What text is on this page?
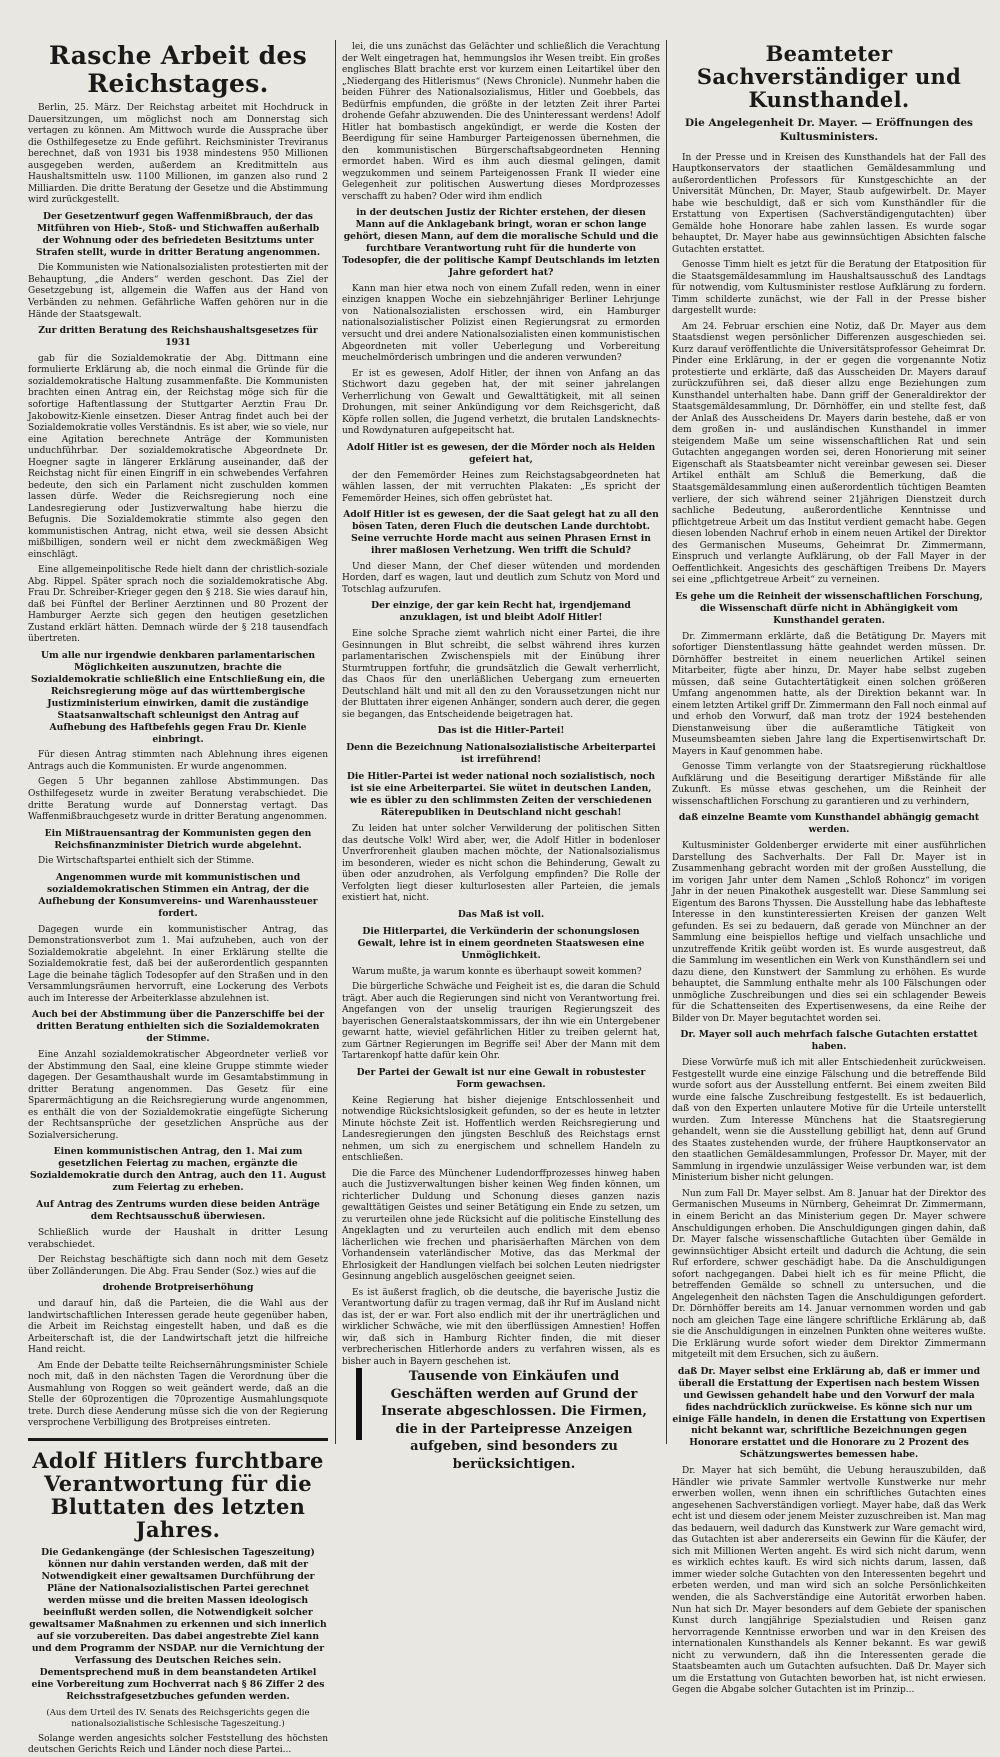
Rasche Arbeit des Reichstages.

Berlin, 25. März. Der Reichstag arbeitet mit Hochdruck in Dauersitzungen, um möglichst noch am Donnerstag sich vertagen zu können. Am Mittwoch wurde die Aussprache über die Osthilfegesetze zu Ende geführt. Reichsminister Treviranus berechnet, daß von 1931 bis 1938 mindestens 950 Millionen ausgegeben werden, außerdem an Kreditmitteln aus Haushaltsmitteln usw. 1100 Millionen, im ganzen also rund 2 Milliarden. Die dritte Beratung der Gesetze und die Abstimmung wird zurückgestellt.

Der Gesetzentwurf gegen Waffenmißbrauch, der das Mitführen von Hieb-, Stoß- und Stichwaffen außerhalb der Wohnung oder des befriedeten Besitztums unter Strafen stellt, wurde in dritter Beratung angenommen.

Die Kommunisten wie Nationalsozialisten protestierten mit der Behauptung, „die Anders“ werden geschont. Das Ziel der Gesetzgebung ist, allgemein die Waffen aus der Hand von Verbänden zu nehmen. Gefährliche Waffen gehören nur in die Hände der Staatsgewalt.

Zur dritten Beratung des Reichshaushaltsgesetzes für 1931

gab für die Sozialdemokratie der Abg. Dittmann eine formulierte Erklärung ab, die noch einmal die Gründe für die sozialdemokratische Haltung zusammenfaßte. Die Kommunisten brachten einen Antrag ein, der Reichstag möge sich für die sofortige Haftentlassung der Stuttgarter Aerztin Frau Dr. Jakobowitz-Kienle einsetzen. Dieser Antrag findet auch bei der Sozialdemokratie volles Verständnis. Es ist aber, wie so viele, nur eine Agitation berechnete Anträge der Kommunisten unduchführbar. Der sozialdemokratische Abgeordnete Dr. Hoegner sagte in längerer Erklärung auseinander, daß der Reichstag nicht für einen Eingriff in ein schwebendes Verfahren bedeute, den sich ein Parlament nicht zuschulden kommen lassen dürfe. Weder die Reichsregierung noch eine Landesregierung oder Justizverwaltung habe hierzu die Befugnis. Die Sozialdemokratie stimmte also gegen den kommunistischen Antrag, nicht etwa, weil sie dessen Absicht mißbilligen, sondern weil er nicht dem zweckmäßigen Weg einschlägt.

Eine allgemeinpolitische Rede hielt dann der christlich-soziale Abg. Rippel. Später sprach noch die sozialdemokratische Abg. Frau Dr. Schreiber-Krieger gegen den § 218. Sie wies darauf hin, daß bei Fünftel der Berliner Aerztinnen und 80 Prozent der Hamburger Aerzte sich gegen den heutigen gesetzlichen Zustand erklärt hätten. Demnach würde der § 218 tausendfach übertreten.

Um alle nur irgendwie denkbaren parlamentarischen Möglichkeiten auszunutzen, brachte die Sozialdemokratie schließlich eine Entschließung ein, die Reichsregierung möge auf das württembergische Justizministerium einwirken, damit die zuständige Staatsanwaltschaft schleunigst den Antrag auf Aufhebung des Haftbefehls gegen Frau Dr. Kienle einbringt.

Für diesen Antrag stimmten nach Ablehnung ihres eigenen Antrags auch die Kommunisten. Er wurde angenommen.

Gegen 5 Uhr begannen zahllose Abstimmungen. Das Osthilfegesetz wurde in zweiter Beratung verabschiedet. Die dritte Beratung wurde auf Donnerstag vertagt. Das Waffenmißbrauchgesetz wurde in dritter Beratung angenommen.

Ein Mißtrauensantrag der Kommunisten gegen den Reichsfinanzminister Dietrich wurde abgelehnt.

Die Wirtschaftspartei enthielt sich der Stimme.

Angenommen wurde mit kommunistischen und sozialdemokratischen Stimmen ein Antrag, der die Aufhebung der Konsumvereins- und Warenhaussteuer fordert.

Dagegen wurde ein kommunistischer Antrag, das Demonstrationsverbot zum 1. Mai aufzuheben, auch von der Sozialdemokratie abgelehnt. In einer Erklärung stellte die Sozialdemokratie fest, daß bei der außerordentlich gespannten Lage die beinahe täglich Todesopfer auf den Straßen und in den Versammlungsräumen hervorruft, eine Lockerung des Verbots auch im Interesse der Arbeiterklasse abzulehnen ist.

Auch bei der Abstimmung über die Panzerschiffe bei der dritten Beratung enthielten sich die Sozialdemokraten der Stimme.

Eine Anzahl sozialdemokratischer Abgeordneter verließ vor der Abstimmung den Saal, eine kleine Gruppe stimmte wieder dagegen. Der Gesamthaushalt wurde im Gesamtabstimmung in dritter Beratung angenommen. Das Gesetz für eine Sparermächtigung an die Reichsregierung wurde angenommen, es enthält die von der Sozialdemokratie eingefügte Sicherung der Rechtsansprüche der gesetzlichen Ansprüche aus der Sozialversicherung.

Einen kommunistischen Antrag, den 1. Mai zum gesetzlichen Feiertag zu machen, ergänzte die Sozialdemokratie durch den Antrag, auch den 11. August zum Feiertag zu erheben.

Auf Antrag des Zentrums wurden diese beiden Anträge dem Rechtsausschuß überwiesen.

Schließlich wurde der Haushalt in dritter Lesung verabschiedet.

Der Reichstag beschäftigte sich dann noch mit dem Gesetz über Zolländerungen. Die Abg. Frau Sender (Soz.) wies auf die

drohende Brotpreiserhöhung

und darauf hin, daß die Parteien, die die Wahl aus der landwirtschaftlichen Interessen gerade heute gegenüber haben, die Arbeit im Reichstag eingestellt haben, und daß es die Arbeiterschaft ist, die der Landwirtschaft jetzt die hilfreiche Hand reicht.

Am Ende der Debatte teilte Reichsernährungsminister Schiele noch mit, daß in den nächsten Tagen die Verordnung über die Ausmahlung von Roggen so weit geändert werde, daß an die Stelle der 60prozentigen die 70prozentige Ausmahlungsquote trete. Durch diese Aenderung müsse sich die von der Regierung versprochene Verbilligung des Brotpreises eintreten.

Adolf Hitlers furchtbare Verantwortung für die Bluttaten des letzten Jahres.

Die Gedankengänge (der Schlesischen Tageszeitung) können nur dahin verstanden werden, daß mit der Notwendigkeit einer gewaltsamen Durchführung der Pläne der Nationalsozialistischen Partei gerechnet werden müsse und die breiten Massen ideologisch beeinflußt werden sollen, die Notwendigkeit solcher gewaltsamer Maßnahmen zu erkennen und sich innerlich auf sie vorzubereiten. Das dabei angestrebte Ziel kann und dem Programm der NSDAP. nur die Vernichtung der Verfassung des Deutschen Reiches sein. Dementsprechend muß in dem beanstandeten Artikel eine Vorbereitung zum Hochverrat nach § 86 Ziffer 2 des Reichsstrafgesetzbuches gefunden werden.

(Aus dem Urteil des IV. Senats des Reichsgerichts gegen die nationalsozialistische Schlesische Tageszeitung.)

Solange werden angesichts solcher Feststellung des höchsten deutschen Gerichts Reich und Länder noch diese Partei...

lei, die uns zunächst das Gelächter und schließlich die Verachtung der Welt eingetragen hat, hemmungslos ihr Wesen treibt. Ein großes englisches Blatt brachte erst vor kurzem einen Leitartikel über den „Niedergang des Hitlerismus“ (News Chronicle). Nunmehr haben die beiden Führer des Nationalsozialismus, Hitler und Goebbels, das Bedürfnis empfunden, die größte in der letzten Zeit ihrer Partei drohende Gefahr abzuwenden. Die des Uninteressant werdens! Adolf Hitler hat bombastisch angekündigt, er werde die Kosten der Beerdigung für seine Hamburger Parteigenossen übernehmen, die den kommunistischen Bürgerschaftsabgeordneten Henning ermordet haben. Wird es ihm auch diesmal gelingen, damit wegzukommen und seinem Parteigenossen Frank II wieder eine Gelegenheit zur politischen Auswertung dieses Mordprozesses verschafft zu haben? Oder wird ihm endlich

in der deutschen Justiz der Richter erstehen, der diesen Mann auf die Anklagebank bringt, woran er schon lange gehört, diesen Mann, auf dem die moralische Schuld und die furchtbare Verantwortung ruht für die hunderte von Todesopfer, die der politische Kampf Deutschlands im letzten Jahre gefordert hat?

Kann man hier etwa noch von einem Zufall reden, wenn in einer einzigen knappen Woche ein siebzehnjähriger Berliner Lehrjunge von Nationalsozialisten erschossen wird, ein Hamburger nationalsozialistischer Polizist einen Regierungsrat zu ermorden versucht und drei andere Nationalsozialisten einen kommunistischen Abgeordneten mit voller Ueberlegung und Vorbereitung meuchelmörderisch umbringen und die anderen verwunden?

Er ist es gewesen, Adolf Hitler, der ihnen von Anfang an das Stichwort dazu gegeben hat, der mit seiner jahrelangen Verherrlichung von Gewalt und Gewalttätigkeit, mit all seinen Drohungen, mit seiner Ankündigung vor dem Reichsgericht, daß Köpfe rollen sollen, die Jugend verhetzt, die brutalen Landsknechts- und Rowdynaturen aufgepeitscht hat.

Adolf Hitler ist es gewesen, der die Mörder noch als Helden gefeiert hat,

der den Fememörder Heines zum Reichstagsabgeordneten hat wählen lassen, der mit verruchten Plakaten: „Es spricht der Fememörder Heines, sich offen gebrüstet hat.

Adolf Hitler ist es gewesen, der die Saat gelegt hat zu all den bösen Taten, deren Fluch die deutschen Lande durchtobt. Seine verruchte Horde macht aus seinen Phrasen Ernst in ihrer maßlosen Verhetzung. Wen trifft die Schuld?

Und dieser Mann, der Chef dieser wütenden und mordenden Horden, darf es wagen, laut und deutlich zum Schutz von Mord und Totschlag aufzurufen.

Der einzige, der gar kein Recht hat, irgendjemand anzuklagen, ist und bleibt Adolf Hitler!

Eine solche Sprache ziemt wahrlich nicht einer Partei, die ihre Gesinnungen in Blut schreibt, die selbst während ihres kurzen parlamentarischen Zwischenspiels mit der Einübung ihrer Sturmtruppen fortfuhr, die grundsätzlich die Gewalt verherrlicht, das Chaos für den unerläßlichen Uebergang zum erneuerten Deutschland hält und mit all den zu den Voraussetzungen nicht nur der Bluttaten ihrer eigenen Anhänger, sondern auch derer, die gegen sie begangen, das Entscheidende beigetragen hat.

Das ist die Hitler-Partei!

Denn die Bezeichnung Nationalsozialistische Arbeiterpartei ist irreführend!

Die Hitler-Partei ist weder national noch sozialistisch, noch ist sie eine Arbeiterpartei. Sie wütet in deutschen Landen, wie es übler zu den schlimmsten Zeiten der verschiedenen Räterepubliken in Deutschland nicht geschah!

Zu leiden hat unter solcher Verwilderung der politischen Sitten das deutsche Volk! Wird aber, wer, die Adolf Hitler in bodenloser Unverfrorenheit glauben machen möchte, der Nationalsozialismus im besonderen, wieder es nicht schon die Behinderung, Gewalt zu üben oder anzudrohen, als Verfolgung empfinden? Die Rolle der Verfolgten liegt dieser kulturlosesten aller Parteien, die jemals existiert hat, nicht.

Das Maß ist voll.

Die Hitlerpartei, die Verkünderin der schonungslosen Gewalt, lehre ist in einem geordneten Staatswesen eine Unmöglichkeit.

Warum mußte, ja warum konnte es überhaupt soweit kommen?

Die bürgerliche Schwäche und Feigheit ist es, die daran die Schuld trägt. Aber auch die Regierungen sind nicht von Verantwortung frei. Angefangen von der unselig traurigen Regierungszeit des bayerischen Generalstaatskommissars, der ihn wie ein Untergebener gewarnt hatte, wieviel gefährlichen Hitler zu treiben gelernt hat, zum Gärtner Regierungen im Begriffe sei! Aber der Mann mit dem Tartarenkopf hatte dafür kein Ohr.

Der Partei der Gewalt ist nur eine Gewalt in robustester Form gewachsen.

Keine Regierung hat bisher diejenige Entschlossenheit und notwendige Rücksichtslosigkeit gefunden, so der es heute in letzter Minute höchste Zeit ist. Hoffentlich werden Reichsregierung und Landesregierungen den jüngsten Beschluß des Reichstags ernst nehmen, um sich zu energischem und schnellem Handeln zu entschließen.

Die die Farce des Münchener Ludendorffprozesses hinweg haben auch die Justizverwaltungen bisher keinen Weg finden können, um richterlicher Duldung und Schonung dieses ganzen nazis gewalttätigen Geistes und seiner Betätigung ein Ende zu setzen, um zu verurteilen ohne jede Rücksicht auf die politische Einstellung des Angeklagten und zu verurteilen auch endlich mit dem ebenso lächerlichen wie frechen und pharisäerhaften Märchen von dem Vorhandensein vaterländischer Motive, das das Merkmal der Ehrlosigkeit der Handlungen vielfach bei solchen Leuten niedrigster Gesinnung angeblich ausgelöschen geeignet seien.

Es ist äußerst fraglich, ob die deutsche, die bayerische Justiz die Verantwortung dafür zu tragen vermag, daß ihr Ruf im Ausland nicht das ist, der er war. Fort also endlich mit der ihr unerträglichen und wirklicher Schwäche, wie mit den überflüssigen Amnestien! Hoffen wir, daß sich in Hamburg Richter finden, die mit dieser verbrecherischen Hitlerhorde anders zu verfahren wissen, als es bisher auch in Bayern geschehen ist.

Tausende von Einkäufen und Geschäften werden auf Grund der Inserate abgeschlossen. Die Firmen, die in der Parteipresse Anzeigen aufgeben, sind besonders zu berücksichtigen.
Beamteter Sachverständiger und Kunsthandel.
Die Angelegenheit Dr. Mayer. — Eröffnungen des Kultusministers.

In der Presse und in Kreisen des Kunsthandels hat der Fall des Hauptkonservators der staatlichen Gemäldesammlung und außerordentlichen Professors für Kunstgeschichte an der Universität München, Dr. Mayer, Staub aufgewirbelt. Dr. Mayer habe wie beschuldigt, daß er sich vom Kunsthändler für die Erstattung von Expertisen (Sachverständigengutachten) über Gemälde hohe Honorare habe zahlen lassen. Es wurde sogar behauptet, Dr. Mayer habe aus gewinnsüchtigen Absichten falsche Gutachten erstattet.

Genosse Timm hielt es jetzt für die Beratung der Etatposition für die Staatsgemäldesammlung im Haushaltsausschuß des Landtags für notwendig, vom Kultusminister restlose Aufklärung zu fordern. Timm schilderte zunächst, wie der Fall in der Presse bisher dargestellt wurde:

Am 24. Februar erschien eine Notiz, daß Dr. Mayer aus dem Staatsdienst wegen persönlicher Differenzen ausgeschieden sei. Kurz darauf veröffentlichte die Universitätsprofessor Geheimrat Dr. Pinder eine Erklärung, in der er gegen die vorgenannte Notiz protestierte und erklärte, daß das Ausscheiden Dr. Mayers darauf zurückzuführen sei, daß dieser allzu enge Beziehungen zum Kunsthandel unterhalten habe. Dann griff der Generaldirektor der Staatsgemäldesammlung, Dr. Dörnhöffer, ein und stellte fest, daß der Anlaß des Ausscheidens Dr. Mayers darin bestehe, daß er von dem großen in- und ausländischen Kunsthandel in immer steigendem Maße um seine wissenschaftlichen Rat und sein Gutachten angegangen worden sei, deren Honorierung mit seiner Eigenschaft als Staatsbeamter nicht vereinbar gewesen sei. Dieser Artikel enthält am Schluß die Bemerkung, daß die Staatsgemäldesammlung einen außerordentlich tüchtigen Beamten verliere, der sich während seiner 21jährigen Dienstzeit durch sachliche Bedeutung, außerordentliche Kenntnisse und pflichtgetreue Arbeit um das Institut verdient gemacht habe. Gegen diesen lobenden Nachruf erhob in einem neuen Artikel der Direktor des Germanischen Museums, Geheimrat Dr. Zimmermann, Einspruch und verlangte Aufklärung, ob der Fall Mayer in der Oeffentlichkeit. Angesichts des geschäftigen Treibens Dr. Mayers sei eine „pflichtgetreue Arbeit“ zu verneinen.

Es gehe um die Reinheit der wissenschaftlichen Forschung, die Wissenschaft dürfe nicht in Abhängigkeit vom Kunsthandel geraten.

Dr. Zimmermann erklärte, daß die Betätigung Dr. Mayers mit sofortiger Dienstentlassung hätte geahndet werden müssen. Dr. Dörnhöffer bestreitet in einem neuerlichen Artikel seinen Mitarbeiter, fügte aber hinzu, Dr. Mayer habe selbst zugeben müssen, daß seine Gutachtertätigkeit einen solchen größeren Umfang angenommen hatte, als der Direktion bekannt war. In einem letzten Artikel griff Dr. Zimmermann den Fall noch einmal auf und erhob den Vorwurf, daß man trotz der 1924 bestehenden Dienstanweisung über die außeramtliche Tätigkeit von Museumsbeamten sieben Jahre lang die Expertisenwirtschaft Dr. Mayers in Kauf genommen habe.

Genosse Timm verlangte von der Staatsregierung rückhaltlose Aufklärung und die Beseitigung derartiger Mißstände für alle Zukunft. Es müsse etwas geschehen, um die Reinheit der wissenschaftlichen Forschung zu garantieren und zu verhindern,

daß einzelne Beamte vom Kunsthandel abhängig gemacht werden.

Kultusminister Goldenberger erwiderte mit einer ausführlichen Darstellung des Sachverhalts. Der Fall Dr. Mayer ist in Zusammenhang gebracht worden mit der großen Ausstellung, die im vorigen Jahr unter dem Namen „Schloß Rohoncz“ im vorigen Jahr in der neuen Pinakothek ausgestellt war. Diese Sammlung sei Eigentum des Barons Thyssen. Die Ausstellung habe das lebhafteste Interesse in den kunstinteressierten Kreisen der ganzen Welt gefunden. Es sei zu bedauern, daß gerade von Münchner an der Sammlung eine beispiellos heftige und vielfach unsachliche und unzutreffende Kritik geübt worden ist. Es wurde ausgestreut, daß die Sammlung im wesentlichen ein Werk von Kunsthändlern sei und dazu diene, den Kunstwert der Sammlung zu erhöhen. Es wurde behauptet, die Sammlung enthalte mehr als 100 Fälschungen oder unmögliche Zuschreibungen und dies sei ein schlagender Beweis für die Schattenseiten des Expertisenwesens, da eine Reihe der Bilder von Dr. Mayer begutachtet worden sei.

Dr. Mayer soll auch mehrfach falsche Gutachten erstattet haben.

Diese Vorwürfe muß ich mit aller Entschiedenheit zurückweisen. Festgestellt wurde eine einzige Fälschung und die betreffende Bild wurde sofort aus der Ausstellung entfernt. Bei einem zweiten Bild wurde eine falsche Zuschreibung festgestellt. Es ist bedauerlich, daß von den Experten unlautere Motive für die Urteile unterstellt wurden. Zum Interesse Münchens hat die Staatsregierung gehandelt, wenn sie die Ausstellung gebilligt hat, denn auf Grund des Staates zustehenden wurde, der frühere Hauptkonservator an den staatlichen Gemäldesammlungen, Professor Dr. Mayer, mit der Sammlung in irgendwie unzulässiger Weise verbunden war, ist dem Ministerium bisher nicht gelungen.

Nun zum Fall Dr. Mayer selbst. Am 8. Januar hat der Direktor des Germanischen Museums in Nürnberg, Geheimrat Dr. Zimmermann, in einem Bericht an das Ministerium gegen Dr. Mayer schwere Anschuldigungen erhoben. Die Anschuldigungen gingen dahin, daß Dr. Mayer falsche wissenschaftliche Gutachten über Gemälde in gewinnsüchtiger Absicht erteilt und dadurch die Achtung, die sein Ruf erfordere, schwer geschädigt habe. Da die Anschuldigungen sofort nachgegangen. Dabei hielt ich es für meine Pflicht, die betreffenden Gemälde so schnell zu untersuchen, und die Angelegenheit den nächsten Tagen die Anschuldigungen gefordert. Dr. Dörnhöffer bereits am 14. Januar vernommen worden und gab noch am gleichen Tage eine längere schriftliche Erklärung ab, daß sie die Anschuldigungen in einzelnen Punkten ohne weiteres wußte. Die Erklärung wurde sofort wieder dem Direktor Zimmermann mitgeteilt mit dem Ersuchen, sich zu äußern.

daß Dr. Mayer selbst eine Erklärung ab, daß er immer und überall die Erstattung der Expertisen nach bestem Wissen und Gewissen gehandelt habe und den Vorwurf der mala fides nachdrücklich zurückweise. Es könne sich nur um einige Fälle handeln, in denen die Erstattung von Expertisen nicht bekannt war, schriftliche Bezeichnungen gegen Honorare erstattet und die Honorare zu 2 Prozent des Schätzungswertes bemessen habe.

Dr. Mayer hat sich bemüht, die Uebung herauszubilden, daß Händler wie private Sammler wertvolle Kunstwerke nur mehr erwerben wollen, wenn ihnen ein schriftliches Gutachten eines angesehenen Sachverständigen vorliegt. Mayer habe, daß das Werk echt ist und diesem oder jenem Meister zuzuschreiben ist. Man mag das bedauern, weil dadurch das Kunstwerk zur Ware gemacht wird, das Gutachten ist aber andererseits ein Gewinn für die Käufer, der sich mit Millionen Werten angeht. Es wird sich nicht darum, wenn es wirklich echtes kauft. Es wird sich nichts darum, lassen, daß immer wieder solche Gutachten von den Interessenten begehrt und erbeten werden, und man wird sich an solche Persönlichkeiten wenden, die als Sachverständige eine Autorität erworben haben. Nun hat sich Dr. Mayer besonders auf dem Gebiete der spanischen Kunst durch langjährige Spezialstudien und Reisen ganz hervorragende Kenntnisse erworben und war in den Kreisen des internationalen Kunsthandels als Kenner bekannt. Es war gewiß nicht zu verwundern, daß ihn die Interessenten gerade die Staatsbeamten auch um Gutachten aufsuchten. Daß Dr. Mayer sich um die Erstattung von Gutachten beworben hat, ist nicht erwiesen. Gegen die Abgabe solcher Gutachten ist im Prinzip...
